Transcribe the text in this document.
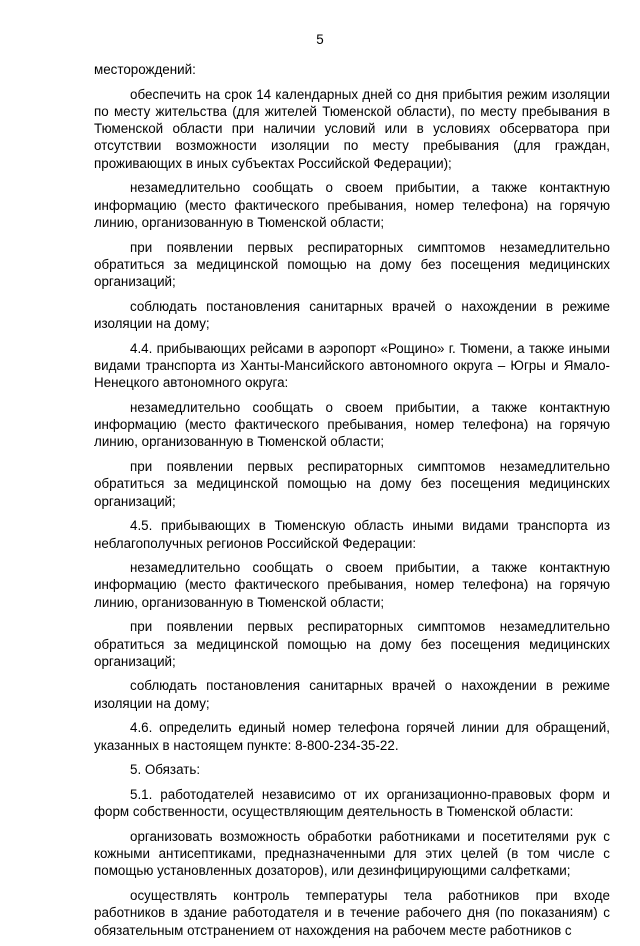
5

месторождений:

обеспечить на срок 14 календарных дней со дня прибытия режим изоляции по месту жительства (для жителей Тюменской области), по месту пребывания в Тюменской области при наличии условий или в условиях обсерватора при отсутствии возможности изоляции по месту пребывания (для граждан, проживающих в иных субъектах Российской Федерации);

незамедлительно сообщать о своем прибытии, а также контактную информацию (место фактического пребывания, номер телефона) на горячую линию, организованную в Тюменской области;

при появлении первых респираторных симптомов незамедлительно обратиться за медицинской помощью на дому без посещения медицинских организаций;

соблюдать постановления санитарных врачей о нахождении в режиме изоляции на дому;

4.4. прибывающих рейсами в аэропорт «Рощино» г. Тюмени, а также иными видами транспорта из Ханты-Мансийского автономного округа – Югры и Ямало-Ненецкого автономного округа:

незамедлительно сообщать о своем прибытии, а также контактную информацию (место фактического пребывания, номер телефона) на горячую линию, организованную в Тюменской области;

при появлении первых респираторных симптомов незамедлительно обратиться за медицинской помощью на дому без посещения медицинских организаций;

4.5. прибывающих в Тюменскую область иными видами транспорта из неблагополучных регионов Российской Федерации:

незамедлительно сообщать о своем прибытии, а также контактную информацию (место фактического пребывания, номер телефона) на горячую линию, организованную в Тюменской области;

при появлении первых респираторных симптомов незамедлительно обратиться за медицинской помощью на дому без посещения медицинских организаций;

соблюдать постановления санитарных врачей о нахождении в режиме изоляции на дому;

4.6. определить единый номер телефона горячей линии для обращений, указанных в настоящем пункте: 8-800-234-35-22.

5. Обязать:

5.1. работодателей независимо от их организационно-правовых форм и форм собственности, осуществляющим деятельность в Тюменской области:

организовать возможность обработки работниками и посетителями рук с кожными антисептиками, предназначенными для этих целей (в том числе с помощью установленных дозаторов), или дезинфицирующими салфетками;

осуществлять контроль температуры тела работников при входе работников в здание работодателя и в течение рабочего дня (по показаниям) с обязательным отстранением от нахождения на рабочем месте работников с
